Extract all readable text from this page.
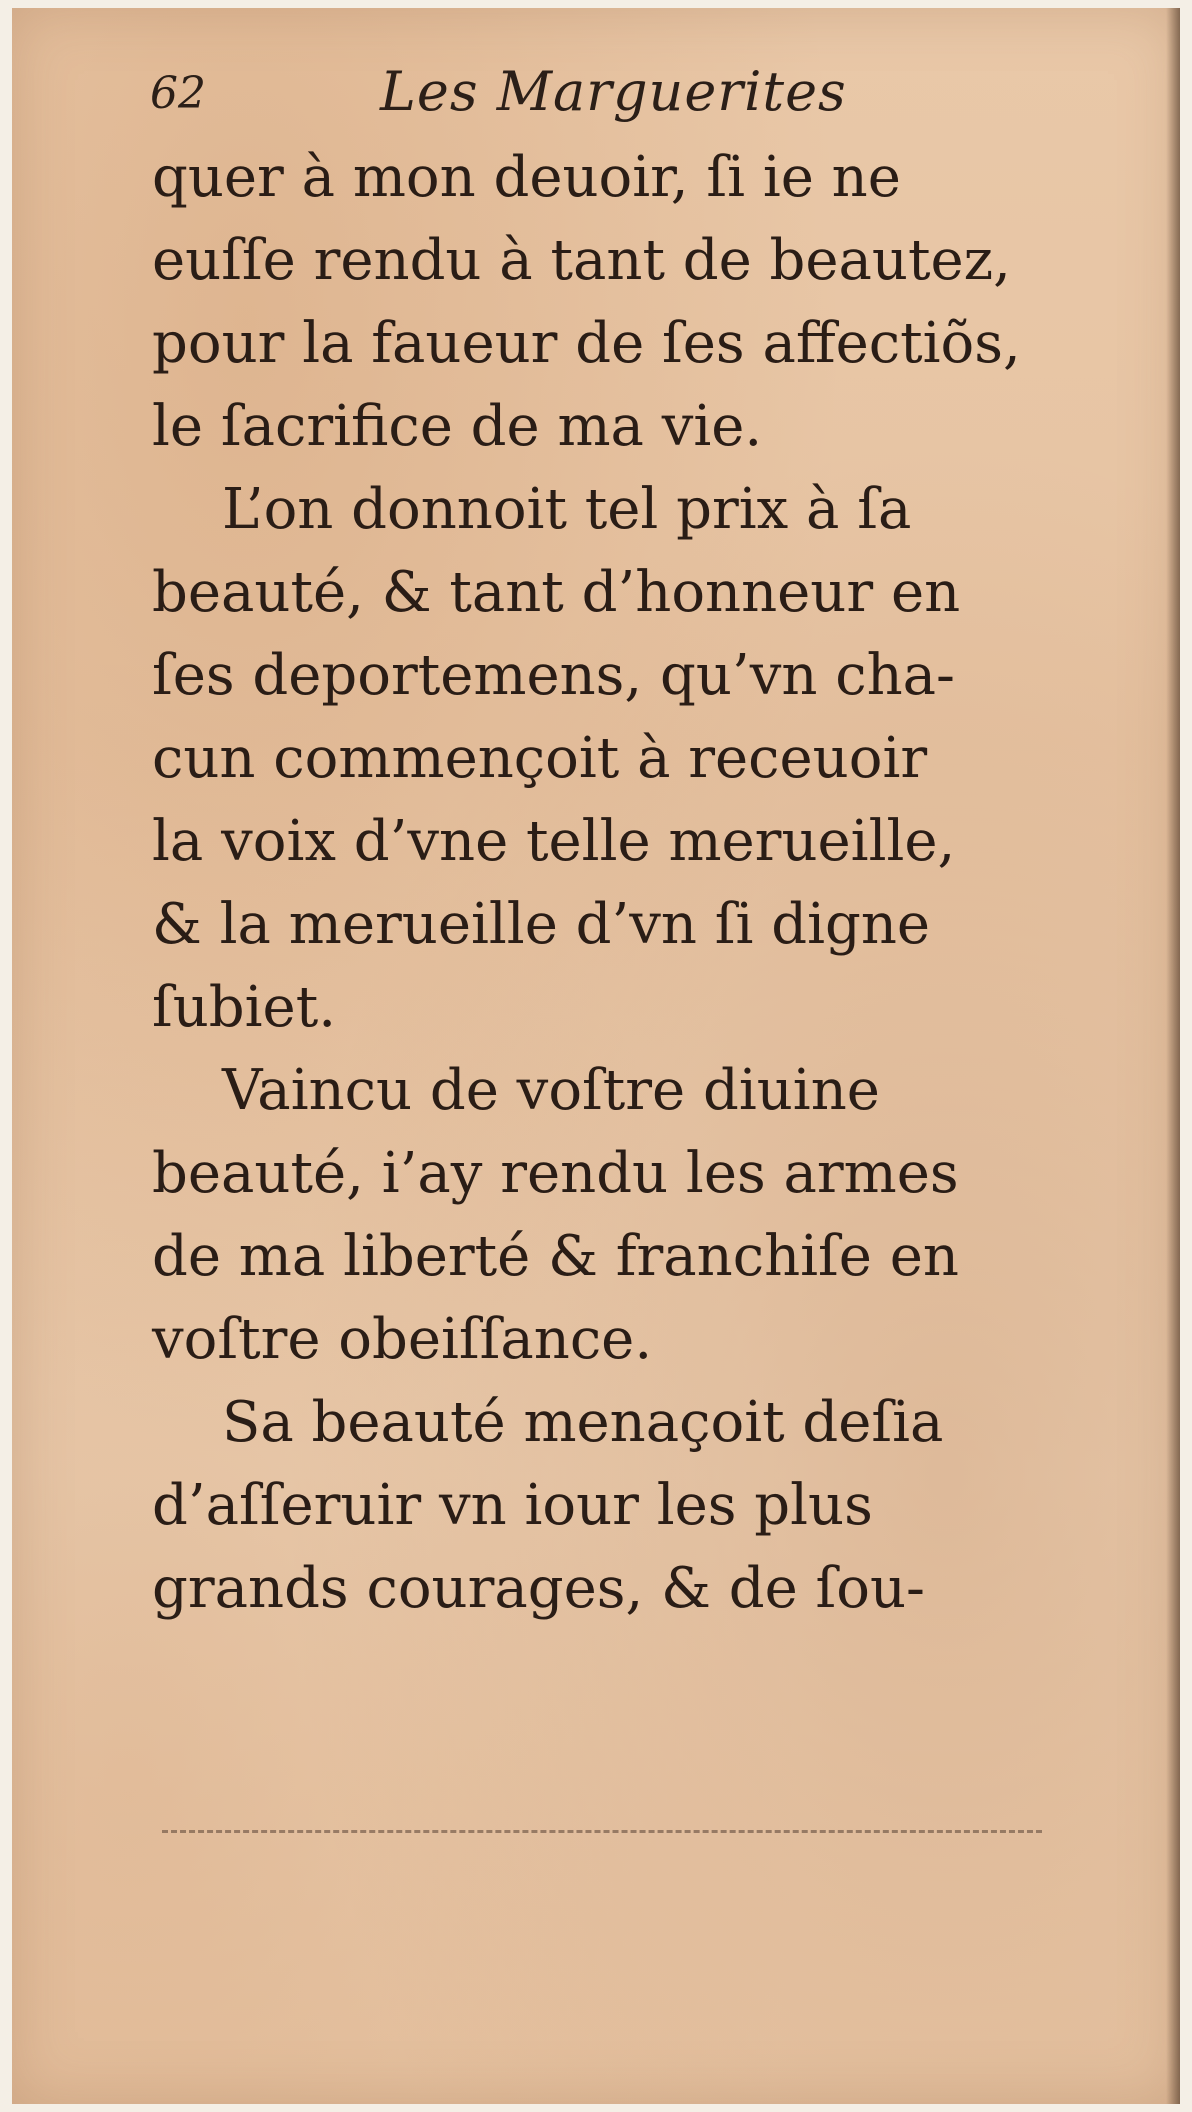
62	Les Marguerites
quer à mon deuoir, ſi ie ne
euſſe rendu à tant de beautez,
pour la faueur de ſes affectiõs,
le ſacrifice de ma vie.
L’on donnoit tel prix à ſa
beauté, & tant d’honneur en
ſes deportemens, qu’vn cha-
cun commençoit à receuoir
la voix d’vne telle merueille,
& la merueille d’vn ſi digne
ſubiet.
Vaincu de voſtre diuine
beauté, i’ay rendu les armes
de ma liberté & franchiſe en
voſtre obeiſſance.
Sa beauté menaçoit deſia
d’aſſeruir vn iour les plus
grands courages, & de ſou-
